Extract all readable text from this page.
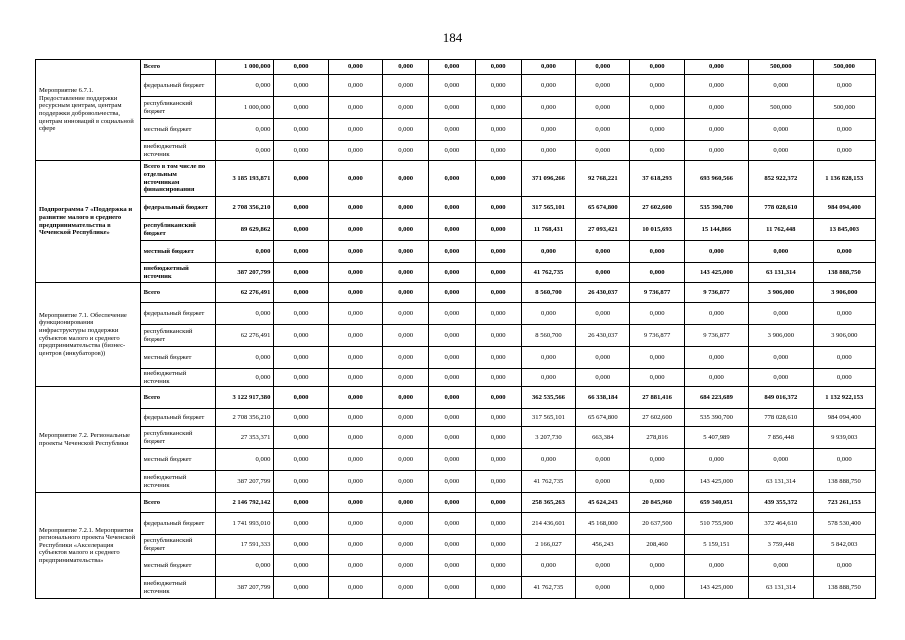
184
Мероприятие 6.7.1. Предоставление поддержки ресурсным центрам, центрам поддержки добровольчества, центрам инноваций в социальной сфере	Всего	1 000,000	0,000	0,000	0,000	0,000	0,000	0,000	0,000	0,000	0,000	500,000	500,000
	федеральный бюджет	0,000	0,000	0,000	0,000	0,000	0,000	0,000	0,000	0,000	0,000	0,000	0,000
	республиканский бюджет	1 000,000	0,000	0,000	0,000	0,000	0,000	0,000	0,000	0,000	0,000	500,000	500,000
	местный бюджет	0,000	0,000	0,000	0,000	0,000	0,000	0,000	0,000	0,000	0,000	0,000	0,000
	внебюджетный источник	0,000	0,000	0,000	0,000	0,000	0,000	0,000	0,000	0,000	0,000	0,000	0,000
Подпрограмма 7 «Поддержка и развитие малого и среднего предпринимательства в Чеченской Республике»	Всего в том числе по отдельным источникам финансирования	3 185 193,871	0,000	0,000	0,000	0,000	0,000	371 096,266	92 768,221	37 618,293	693 960,566	852 922,372	1 136 828,153
	федеральный бюджет	2 708 356,210	0,000	0,000	0,000	0,000	0,000	317 565,101	65 674,800	27 602,600	535 390,700	778 028,610	984 094,400
	республиканский бюджет	89 629,862	0,000	0,000	0,000	0,000	0,000	11 768,431	27 093,421	10 015,693	15 144,866	11 762,448	13 845,003
	местный бюджет	0,000	0,000	0,000	0,000	0,000	0,000	0,000	0,000	0,000	0,000	0,000	0,000
	внебюджетный источник	387 207,799	0,000	0,000	0,000	0,000	0,000	41 762,735	0,000	0,000	143 425,000	63 131,314	138 888,750
Мероприятие 7.1. Обеспечение функционирования инфраструктуры поддержки субъектов малого и среднего предпринимательства (бизнес-центров (инкубаторов))	Всего	62 276,491	0,000	0,000	0,000	0,000	0,000	8 560,700	26 430,037	9 736,877	9 736,877	3 906,000	3 906,000
	федеральный бюджет	0,000	0,000	0,000	0,000	0,000	0,000	0,000	0,000	0,000	0,000	0,000	0,000
	республиканский бюджет	62 276,491	0,000	0,000	0,000	0,000	0,000	8 560,700	26 430,037	9 736,877	9 736,877	3 906,000	3 906,000
	местный бюджет	0,000	0,000	0,000	0,000	0,000	0,000	0,000	0,000	0,000	0,000	0,000	0,000
	внебюджетный источник	0,000	0,000	0,000	0,000	0,000	0,000	0,000	0,000	0,000	0,000	0,000	0,000
Мероприятие 7.2. Региональные проекты Чеченской Республики	Всего	3 122 917,380	0,000	0,000	0,000	0,000	0,000	362 535,566	66 338,184	27 881,416	684 223,689	849 016,372	1 132 922,153
	федеральный бюджет	2 708 356,210	0,000	0,000	0,000	0,000	0,000	317 565,101	65 674,800	27 602,600	535 390,700	778 028,610	984 094,400
	республиканский бюджет	27 353,371	0,000	0,000	0,000	0,000	0,000	3 207,730	663,384	278,816	5 407,989	7 856,448	9 939,003
	местный бюджет	0,000	0,000	0,000	0,000	0,000	0,000	0,000	0,000	0,000	0,000	0,000	0,000
	внебюджетный источник	387 207,799	0,000	0,000	0,000	0,000	0,000	41 762,735	0,000	0,000	143 425,000	63 131,314	138 888,750
Мероприятие 7.2.1. Мероприятия регионального проекта Чеченской Республики «Акселерация субъектов малого и среднего предпринимательства»	Всего	2 146 792,142	0,000	0,000	0,000	0,000	0,000	258 365,263	45 624,243	20 845,960	659 340,051	439 355,372	723 261,153
	федеральный бюджет	1 741 993,010	0,000	0,000	0,000	0,000	0,000	214 436,601	45 168,000	20 637,500	510 755,900	372 464,610	578 530,400
	республиканский бюджет	17 591,333	0,000	0,000	0,000	0,000	0,000	2 166,027	456,243	208,460	5 159,151	3 759,448	5 842,003
	местный бюджет	0,000	0,000	0,000	0,000	0,000	0,000	0,000	0,000	0,000	0,000	0,000	0,000
	внебюджетный источник	387 207,799	0,000	0,000	0,000	0,000	0,000	41 762,735	0,000	0,000	143 425,000	63 131,314	138 888,750
